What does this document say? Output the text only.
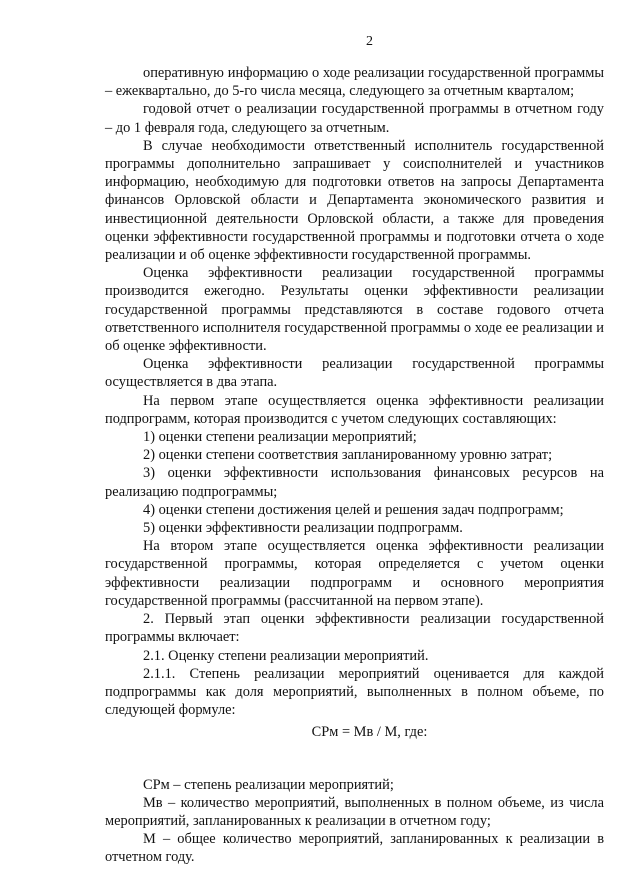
2

оперативную информацию о ходе реализации государственной программы – ежеквартально, до 5-го числа месяца, следующего за отчетным кварталом;

годовой отчет о реализации государственной программы в отчетном году – до 1 февраля года, следующего за отчетным.

В случае необходимости ответственный исполнитель государственной программы дополнительно запрашивает у соисполнителей и участников информацию, необходимую для подготовки ответов на запросы Департамента финансов Орловской области и Департамента экономического развития и инвестиционной деятельности Орловской области, а также для проведения оценки эффективности государственной программы и подготовки отчета о ходе реализации и об оценке эффективности государственной программы.

Оценка эффективности реализации государственной программы производится ежегодно. Результаты оценки эффективности реализации государственной программы представляются в составе годового отчета ответственного исполнителя государственной программы о ходе ее реализации и об оценке эффективности.

Оценка эффективности реализации государственной программы осуществляется в два этапа.

На первом этапе осуществляется оценка эффективности реализации подпрограмм, которая производится с учетом следующих составляющих:

1) оценки степени реализации мероприятий;

2) оценки степени соответствия запланированному уровню затрат;

3) оценки эффективности использования финансовых ресурсов на реализацию подпрограммы;

4) оценки степени достижения целей и решения задач подпрограмм;

5) оценки эффективности реализации подпрограмм.

На втором этапе осуществляется оценка эффективности реализации государственной программы, которая определяется с учетом оценки эффективности реализации подпрограмм и основного мероприятия государственной программы (рассчитанной на первом этапе).

2. Первый этап оценки эффективности реализации государственной программы включает:

2.1. Оценку степени реализации мероприятий.

2.1.1. Степень реализации мероприятий оценивается для каждой подпрограммы как доля мероприятий, выполненных в полном объеме, по следующей формуле:

СРм = Мв / М, где:

СРм – степень реализации мероприятий;

Мв – количество мероприятий, выполненных в полном объеме, из числа мероприятий, запланированных к реализации в отчетном году;

М – общее количество мероприятий, запланированных к реализации в отчетном году.
